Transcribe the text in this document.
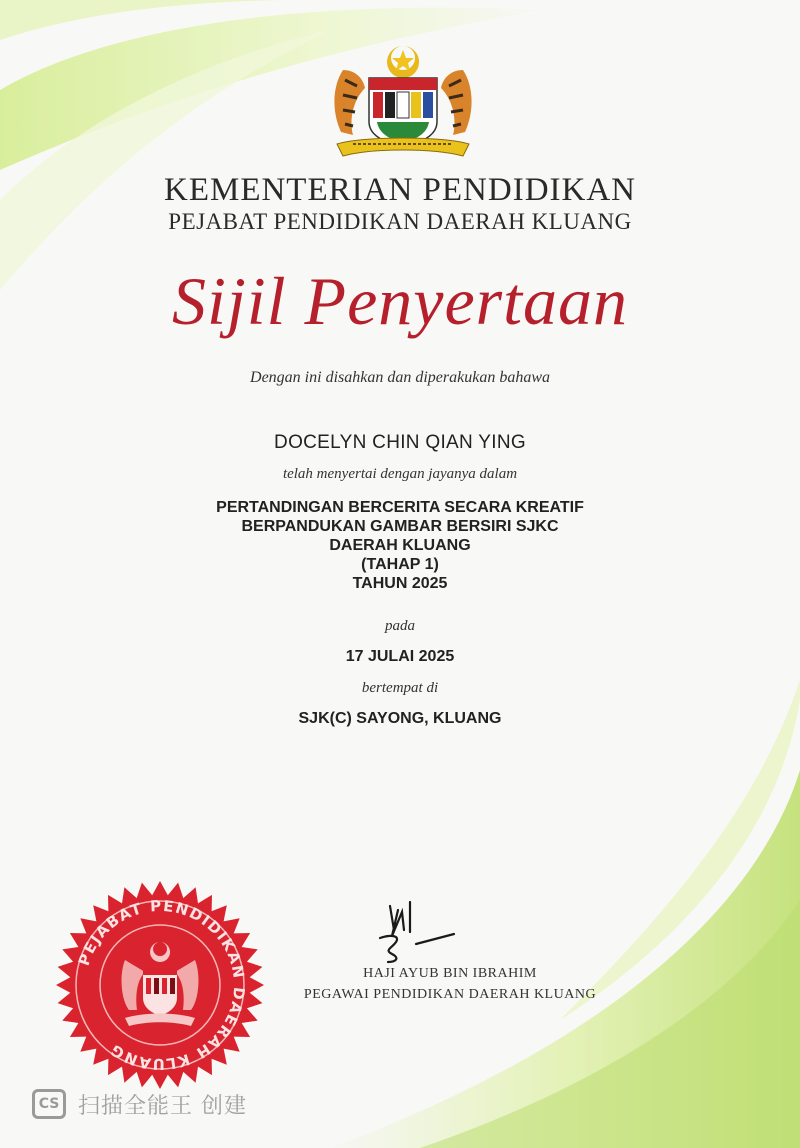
KEMENTERIAN PENDIDIKAN
PEJABAT PENDIDIKAN DAERAH KLUANG
Sijil Penyertaan
Dengan ini disahkan dan diperakukan bahawa
DOCELYN CHIN QIAN YING
telah menyertai dengan jayanya dalam
PERTANDINGAN BERCERITA SECARA KREATIF
BERPANDUKAN GAMBAR BERSIRI SJKC
DAERAH KLUANG
(TAHAP 1)
TAHUN 2025
pada
17 JULAI 2025
bertempat di
SJK(C) SAYONG, KLUANG
HAJI AYUB BIN IBRAHIM
PEGAWAI PENDIDIKAN DAERAH KLUANG
PEJABAT PENDIDIKAN DAERAH KLUANG
CS 扫描全能王 创建
